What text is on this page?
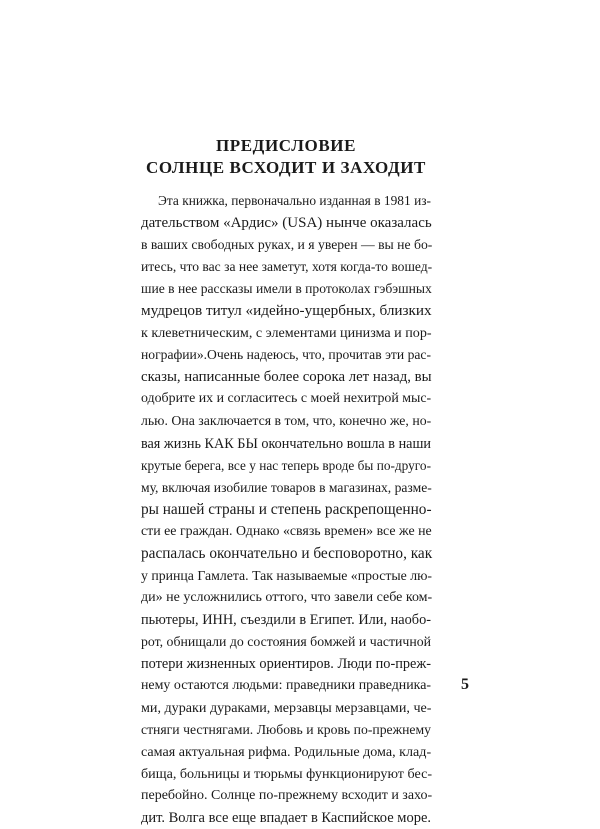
ПРЕДИСЛОВИЕ
СОЛНЦЕ ВСХОДИТ И ЗАХОДИТ
Эта книжка, первоначально изданная в 1981 из-
дательством «Ардис» (USA) нынче оказалась
в ваших свободных руках, и я уверен — вы не бо-
итесь, что вас за нее заметут, хотя когда-то вошед-
шие в нее рассказы имели в протоколах гэбэшных
мудрецов титул «идейно-ущербных, близких
к клеветническим, с элементами цинизма и пор-
нографии».Очень надеюсь, что, прочитав эти рас-
сказы, написанные более сорока лет назад, вы
одобрите их и согласитесь с моей нехитрой мыс-
лью. Она заключается в том, что, конечно же, но-
вая жизнь КАК БЫ окончательно вошла в наши
крутые берега, все у нас теперь вроде бы по-друго-
му, включая изобилие товаров в магазинах, разме-
ры нашей страны и степень раскрепощенно-
сти ее граждан. Однако «связь времен» все же не
распалась окончательно и бесповоротно, как
у принца Гамлета. Так называемые «простые лю-
ди» не усложнились оттого, что завели себе ком-
пьютеры, ИНН, съездили в Египет. Или, наобо-
рот, обнищали до состояния бомжей и частичной
потери жизненных ориентиров. Люди по-преж-
нему остаются людьми: праведники праведника-
ми, дураки дураками, мерзавцы мерзавцами, че-
стняги честнягами. Любовь и кровь по-прежнему
самая актуальная рифма. Родильные дома, клад-
бища, больницы и тюрьмы функционируют бес-
перебойно. Солнце по-прежнему всходит и захо-
дит. Волга все еще впадает в Каспийское море.
5
